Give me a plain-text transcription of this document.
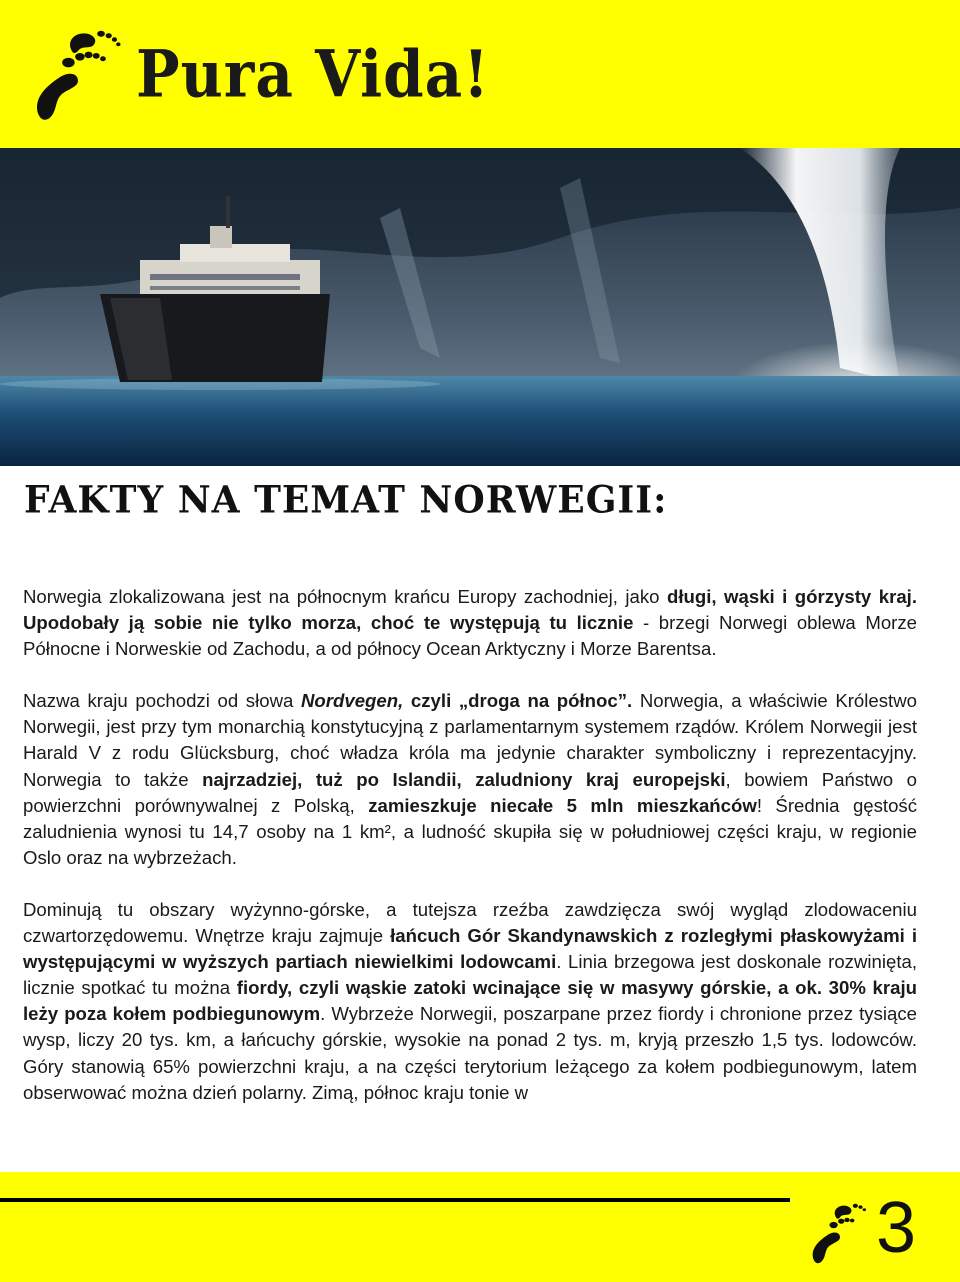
Pura Vida!
FAKTY NA TEMAT NORWEGII:

Norwegia zlokalizowana jest na północnym krańcu Europy zachodniej, jako długi, wąski i górzysty kraj. Upodobały ją sobie nie tylko morza, choć te występują tu licznie - brzegi Norwegi oblewa Morze Północne i Norweskie od Zachodu, a od północy Ocean Arktyczny i Morze Barentsa.

Nazwa kraju pochodzi od słowa Nordvegen, czyli „droga na północ”. Norwegia, a właściwie Królestwo Norwegii, jest przy tym monarchią konstytucyjną z parlamentarnym systemem rządów. Królem Norwegii jest Harald V z rodu Glücksburg, choć władza króla ma jedynie charakter symboliczny i reprezentacyjny. Norwegia to także najrzadziej, tuż po Islandii, zaludniony kraj europejski, bowiem Państwo o powierzchni porównywalnej z Polską, zamieszkuje niecałe 5 mln mieszkańców! Średnia gęstość zaludnienia wynosi tu 14,7 osoby na 1 km², a ludność skupiła się w południowej części kraju, w regionie Oslo oraz na wybrzeżach.

Dominują tu obszary wyżynno-górske, a tutejsza rzeźba zawdzięcza swój wygląd zlodowaceniu czwartorzędowemu. Wnętrze kraju zajmuje łańcuch Gór Skandynawskich z rozległymi płaskowyżami i występującymi w wyższych partiach niewielkimi lodowcami. Linia brzegowa jest doskonale rozwinięta, licznie spotkać tu można fiordy, czyli wąskie zatoki wcinające się w masywy górskie, a ok. 30% kraju leży poza kołem podbiegunowym. Wybrzeże Norwegii, poszarpane przez fiordy i chronione przez tysiące wysp, liczy 20 tys. km, a łańcuchy górskie, wysokie na ponad 2 tys. m, kryją przeszło 1,5 tys. lodowców. Góry stanowią 65% powierzchni kraju, a na części terytorium leżącego za kołem podbiegunowym, latem obserwować można dzień polarny. Zimą, północ kraju tonie w

3
